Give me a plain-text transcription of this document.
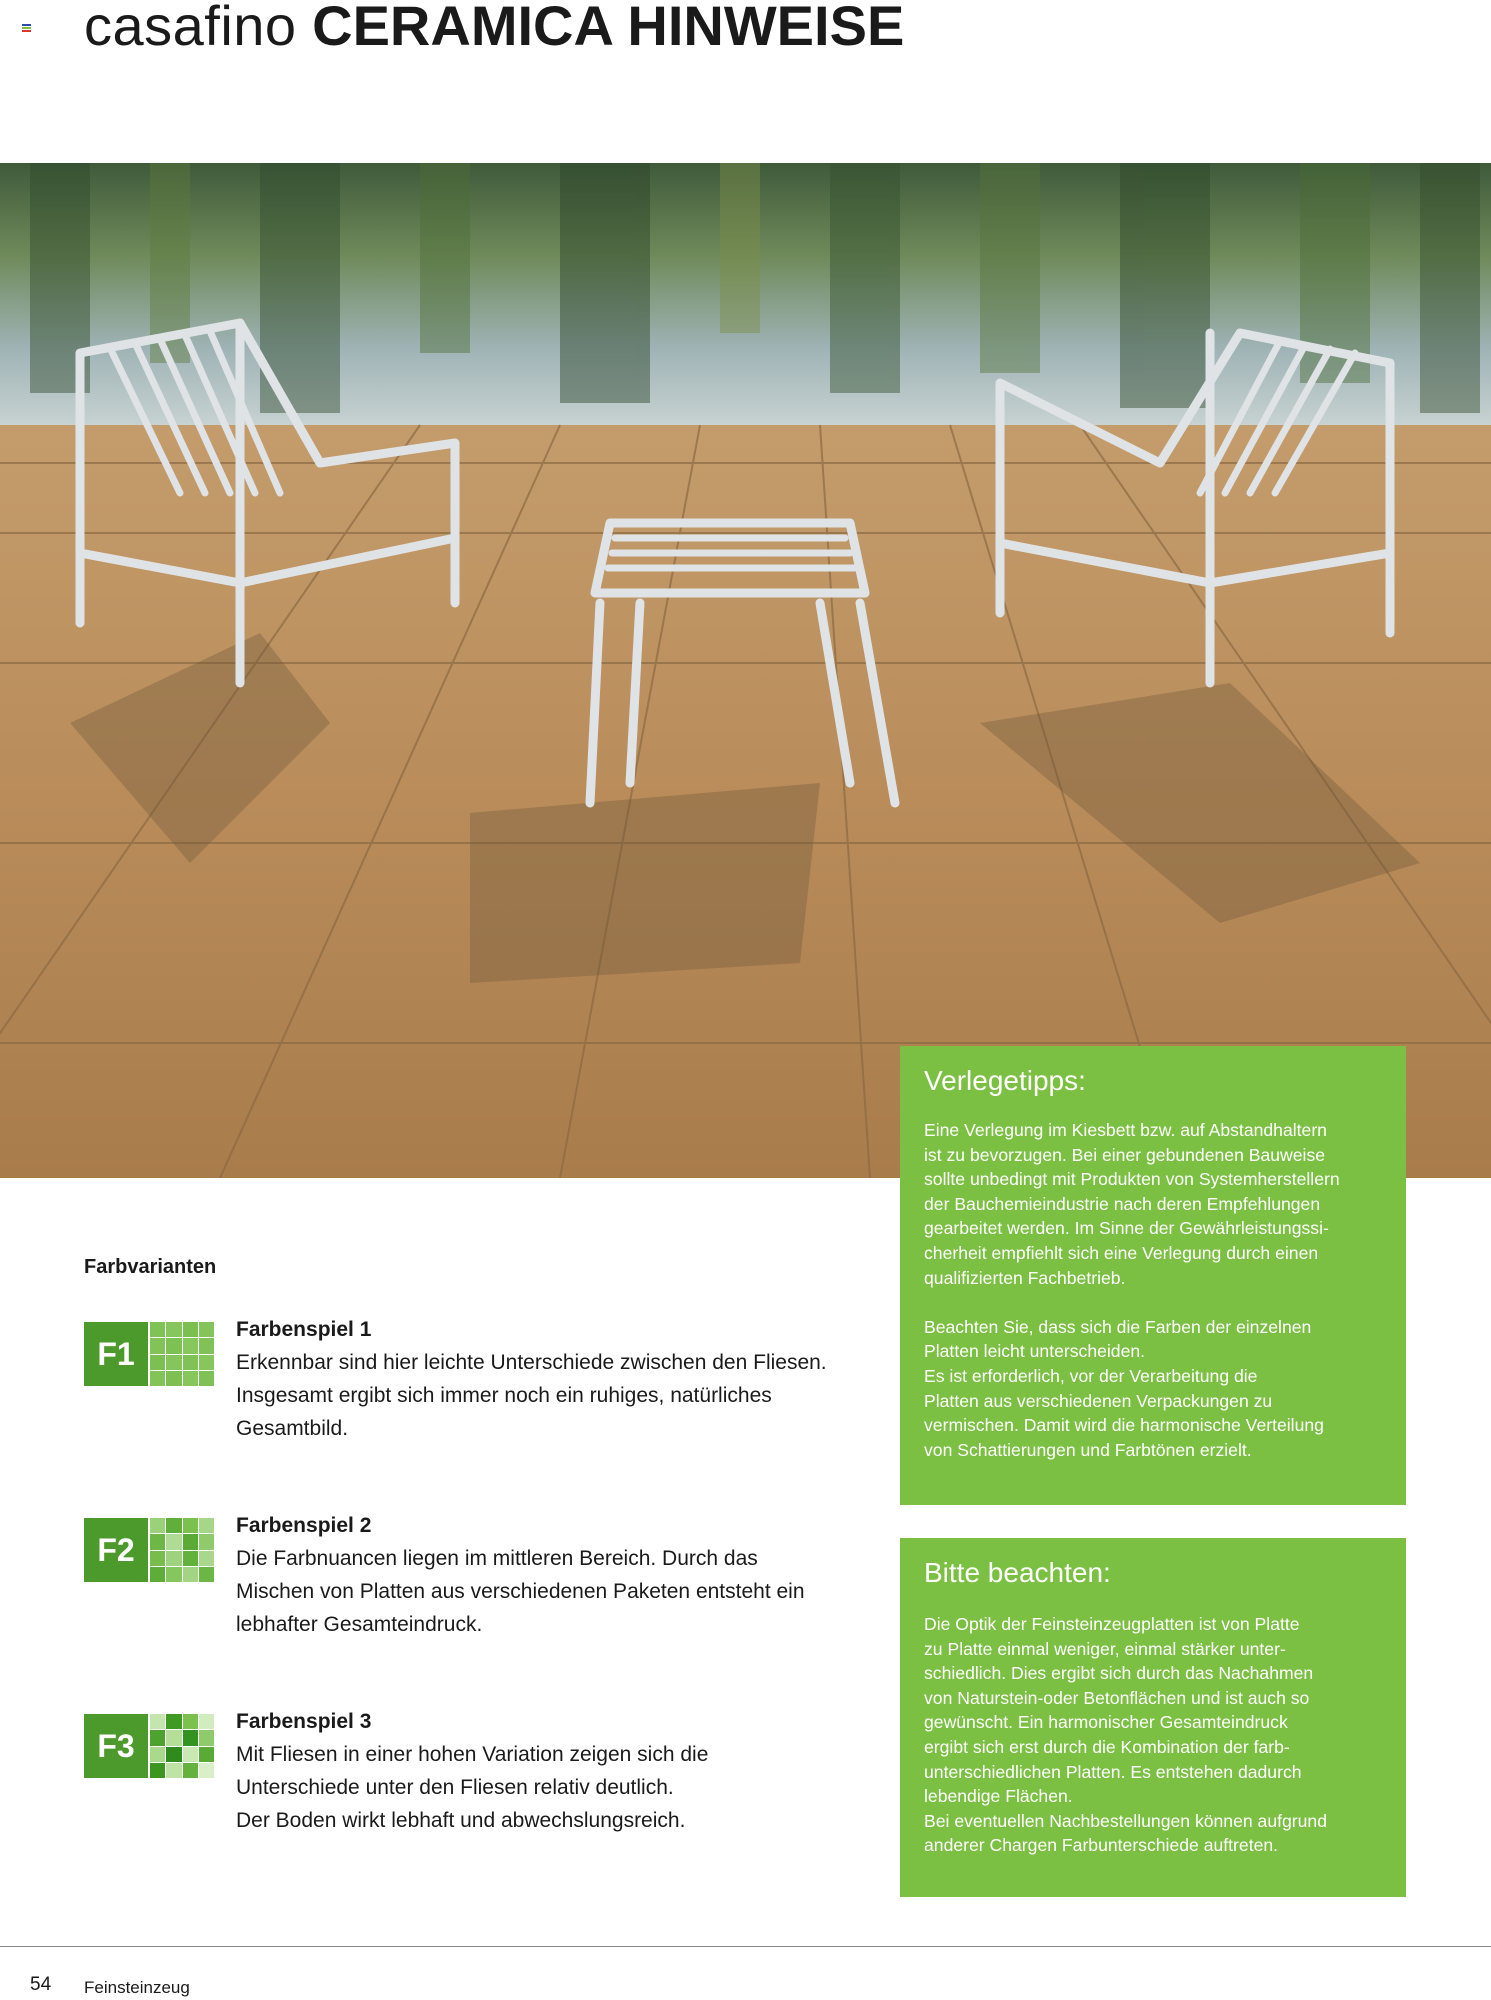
casafino CERAMICA HINWEISE
Verlegetipps:
Eine Verlegung im Kiesbett bzw. auf Abstandhaltern
ist zu bevorzugen. Bei einer gebundenen Bauweise
sollte unbedingt mit Produkten von Systemherstellern
der Bauchemieindustrie nach deren Empfehlungen
gearbeitet werden. Im Sinne der Gewährleistungssi-
cherheit empfiehlt sich eine Verlegung durch einen
qualifizierten Fachbetrieb.

Beachten Sie, dass sich die Farben der einzelnen
Platten leicht unterscheiden.
Es ist erforderlich, vor der Verarbeitung die
Platten aus verschiedenen Verpackungen zu
vermischen. Damit wird die harmonische Verteilung
von Schattierungen und Farbtönen erzielt.
Bitte beachten:
Die Optik der Feinsteinzeugplatten ist von Platte
zu Platte einmal weniger, einmal stärker unter-
schiedlich. Dies ergibt sich durch das Nachahmen
von Naturstein-oder Betonflächen und ist auch so
gewünscht. Ein harmonischer Gesamteindruck
ergibt sich erst durch die Kombination der farb-
unterschiedlichen Platten. Es entstehen dadurch
lebendige Flächen.
Bei eventuellen Nachbestellungen können aufgrund
anderer Chargen Farbunterschiede auftreten.
Farbvarianten
F1
Farbenspiel 1
Erkennbar sind hier leichte Unterschiede zwischen den Fliesen.
Insgesamt ergibt sich immer noch ein ruhiges, natürliches
Gesamtbild.
F2
Farbenspiel 2
Die Farbnuancen liegen im mittleren Bereich. Durch das
Mischen von Platten aus verschiedenen Paketen entsteht ein
lebhafter Gesamteindruck.
F3
Farbenspiel 3
Mit Fliesen in einer hohen Variation zeigen sich die
Unterschiede unter den Fliesen relativ deutlich.
Der Boden wirkt lebhaft und abwechslungsreich.
54 Feinsteinzeug
